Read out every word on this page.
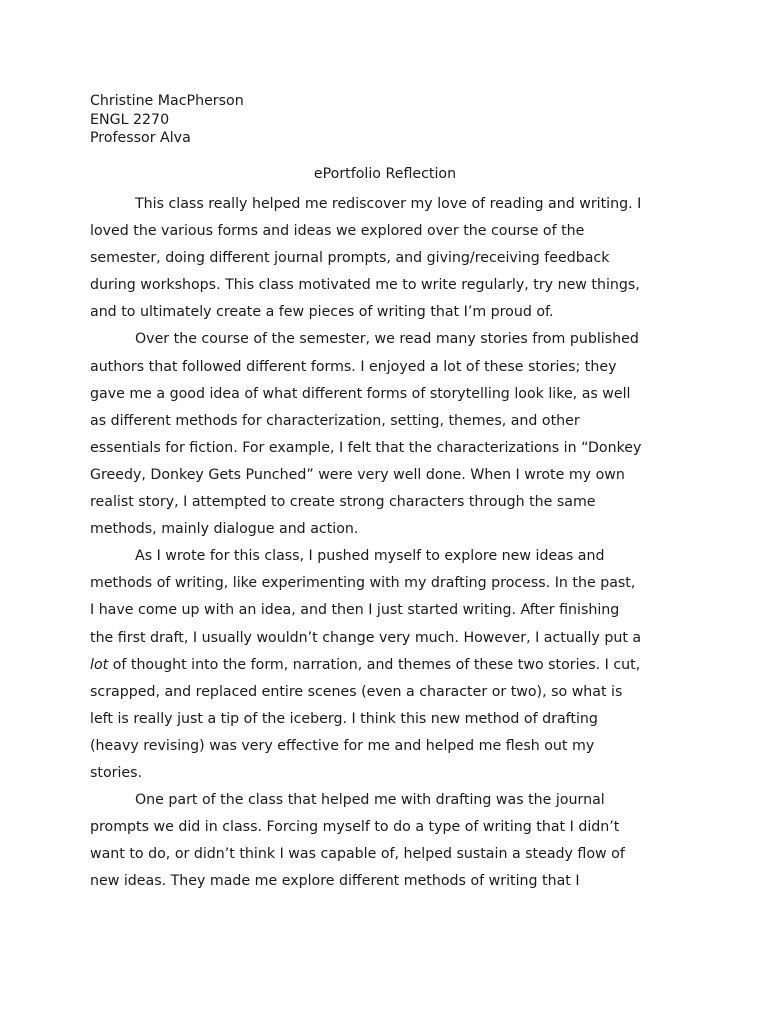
Christine MacPherson

ENGL 2270

Professor Alva

ePortfolio Reflection

This class really helped me rediscover my love of reading and writing. I
loved the various forms and ideas we explored over the course of the
semester, doing different journal prompts, and giving/receiving feedback
during workshops. This class motivated me to write regularly, try new things,
and to ultimately create a few pieces of writing that I’m proud of.
Over the course of the semester, we read many stories from published
authors that followed different forms. I enjoyed a lot of these stories; they
gave me a good idea of what different forms of storytelling look like, as well
as different methods for characterization, setting, themes, and other
essentials for fiction. For example, I felt that the characterizations in “Donkey
Greedy, Donkey Gets Punched” were very well done. When I wrote my own
realist story, I attempted to create strong characters through the same
methods, mainly dialogue and action.
As I wrote for this class, I pushed myself to explore new ideas and
methods of writing, like experimenting with my drafting process. In the past,
I have come up with an idea, and then I just started writing. After finishing
the first draft, I usually wouldn’t change very much. However, I actually put a
lot of thought into the form, narration, and themes of these two stories. I cut,
scrapped, and replaced entire scenes (even a character or two), so what is
left is really just a tip of the iceberg. I think this new method of drafting
(heavy revising) was very effective for me and helped me flesh out my
stories.
One part of the class that helped me with drafting was the journal
prompts we did in class. Forcing myself to do a type of writing that I didn’t
want to do, or didn’t think I was capable of, helped sustain a steady flow of
new ideas. They made me explore different methods of writing that I
